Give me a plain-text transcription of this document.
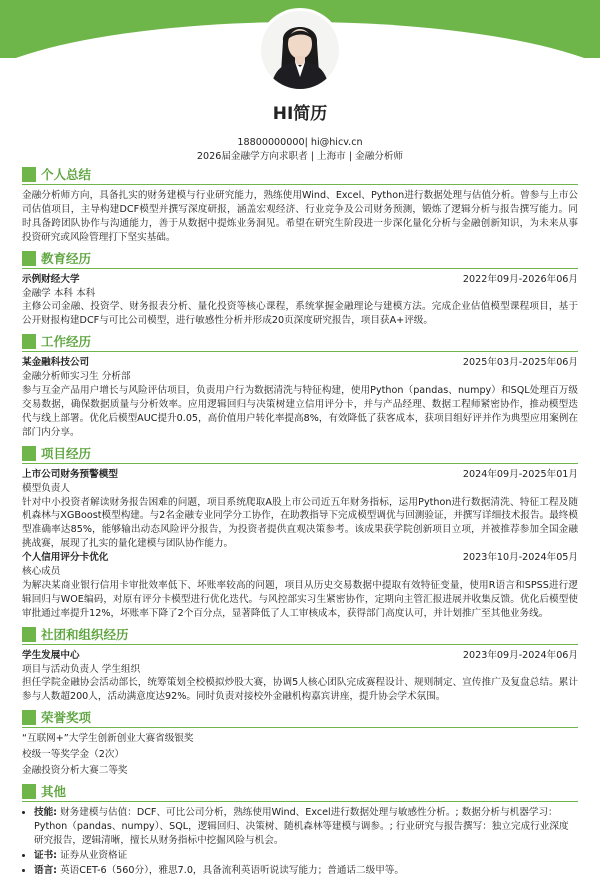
HI简历
18800000000| hi@hicv.cn
2026届金融学方向求职者 | 上海市 | 金融分析师
个人总结

金融分析师方向，具备扎实的财务建模与行业研究能力，熟练使用Wind、Excel、Python进行数据处理与估值分析。曾参与上市公司估值项目，主导构建DCF模型并撰写深度研报，涵盖宏观经济、行业竞争及公司财务预测，锻炼了逻辑分析与报告撰写能力。同时具备跨团队协作与沟通能力，善于从数据中提炼业务洞见。希望在研究生阶段进一步深化量化分析与金融创新知识，为未来从事投资研究或风险管理打下坚实基础。

教育经历
示例财经大学	2022年09月-2026年06月

金融学 本科 本科

主修公司金融、投资学、财务报表分析、量化投资等核心课程，系统掌握金融理论与建模方法。完成企业估值模型课程项目，基于公开财报构建DCF与可比公司模型，进行敏感性分析并形成20页深度研究报告，项目获A+评级。

工作经历
某金融科技公司	2025年03月-2025年06月

金融分析师实习生 分析部

参与互金产品用户增长与风险评估项目，负责用户行为数据清洗与特征构建，使用Python（pandas、numpy）和SQL处理百万级交易数据，确保数据质量与分析效率。应用逻辑回归与决策树建立信用评分卡，并与产品经理、数据工程师紧密协作，推动模型迭代与线上部署。优化后模型AUC提升0.05，高价值用户转化率提高8%，有效降低了获客成本，获项目组好评并作为典型应用案例在部门内分享。

项目经历
上市公司财务预警模型	2024年09月-2025年01月

模型负责人

针对中小投资者解读财务报告困难的问题，项目系统爬取A股上市公司近五年财务指标，运用Python进行数据清洗、特征工程及随机森林与XGBoost模型构建。与2名金融专业同学分工协作，在助教指导下完成模型调优与回测验证，并撰写详细技术报告。最终模型准确率达85%，能够输出动态风险评分报告，为投资者提供直观决策参考。该成果获学院创新项目立项，并被推荐参加全国金融挑战赛，展现了扎实的量化建模与团队协作能力。

个人信用评分卡优化	2023年10月-2024年05月

核心成员

为解决某商业银行信用卡审批效率低下、坏账率较高的问题，项目从历史交易数据中提取有效特征变量，使用R语言和SPSS进行逻辑回归与WOE编码，对原有评分卡模型进行优化迭代。与风控部实习生紧密协作，定期向主管汇报进展并收集反馈。优化后模型使审批通过率提升12%，坏账率下降了2个百分点，显著降低了人工审核成本，获得部门高度认可，并计划推广至其他业务线。

社团和组织经历
学生发展中心	2023年09月-2024年06月

项目与活动负责人 学生组织

担任学院金融协会活动部长，统筹策划全校模拟炒股大赛，协调5人核心团队完成赛程设计、规则制定、宣传推广及复盘总结。累计参与人数超200人，活动满意度达92%。同时负责对接校外金融机构嘉宾讲座，提升协会学术氛围。

荣誉奖项

“互联网+”大学生创新创业大赛省级银奖

校级一等奖学金（2次）

金融投资分析大赛二等奖

其他
• 技能: 财务建模与估值：DCF、可比公司分析，熟练使用Wind、Excel进行数据处理与敏感性分析。; 数据分析与机器学习：Python（pandas、numpy）、SQL，逻辑回归、决策树、随机森林等建模与调参。; 行业研究与报告撰写：独立完成行业深度研究报告，逻辑清晰，擅长从财务指标中挖掘风险与机会。
• 证书: 证券从业资格证
• 语言: 英语CET-6（560分），雅思7.0，具备流利英语听说读写能力；普通话二级甲等。
